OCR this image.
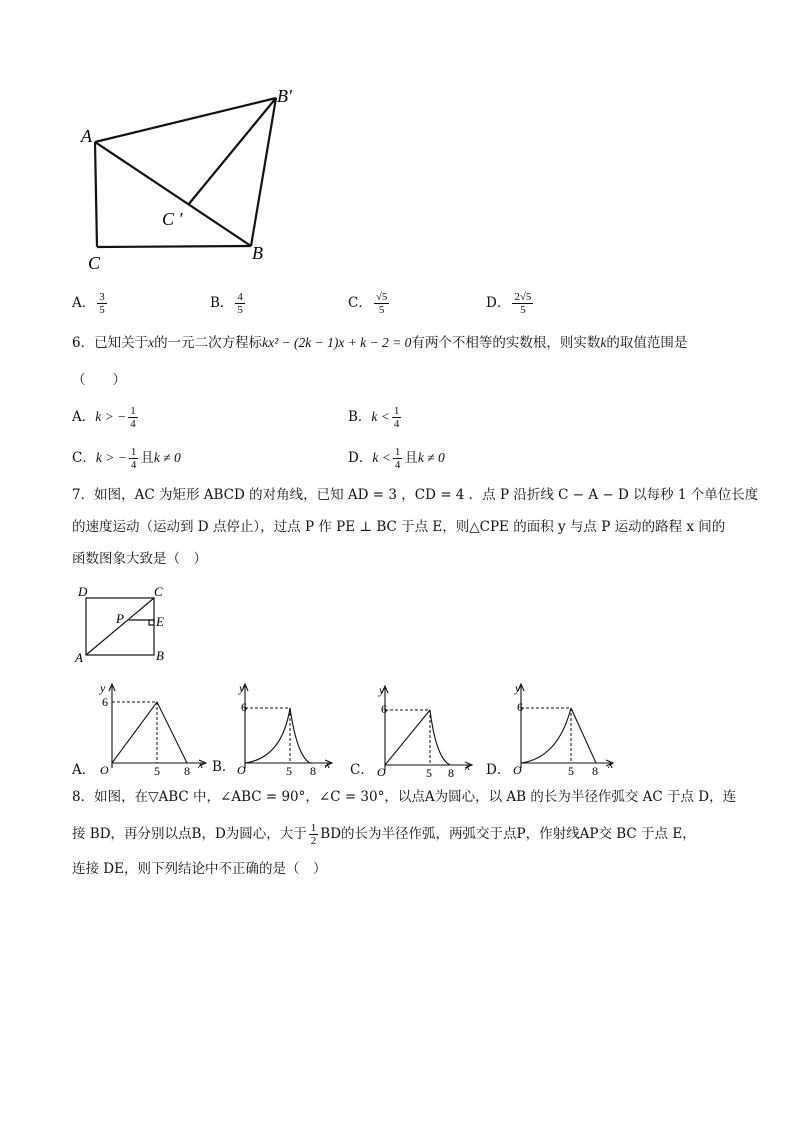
A
B′
C ′
C	B
A． $\frac{3}{5}$	B． $\frac{4}{5}$	C． $\frac{√5}{5}$	D． $\frac{2√5}{5}$
6．已知关于x的一元二次方程标kx² − (2k − 1)x + k − 2 = 0有两个不相等的实数根，则实数k的取值范围是
（　　）
A．k > − $\frac{1}{4}$	B．$k < \frac{1}{4}$
C．k > − $\frac{1}{4}$ 且k ≠ 0	D．$k < \frac{1}{4}$ 且k ≠ 0
7．如图，AC 为矩形 ABCD 的对角线，已知 AD = 3 ，CD = 4 ．点 P 沿折线 C − A − D 以每秒 1 个单位长度
的速度运动（运动到 D 点停止），过点 P 作 PE ⊥ BC 于点 E，则△CPE 的面积 y 与点 P 运动的路程 x 间的
函数图象大致是（　）
D	C
P E
A	B
A．
y
6
O	5 8 x B．
y
6
O	5 8 x C．
y
6
O	5 8 x D．
y
6
O	5 8 x
8．如图，在▽ABC 中，∠ABC = 90°，∠C = 30°，以点A为圆心，以 AB 的长为半径作弧交 AC 于点 D，连
接 BD，再分别以点B，D为圆心，大于 $\frac{1}{2}$ BD的长为半径作弧，两弧交于点P，作射线AP交 BC 于点 E，
连接 DE，则下列结论中不正确的是（　）
